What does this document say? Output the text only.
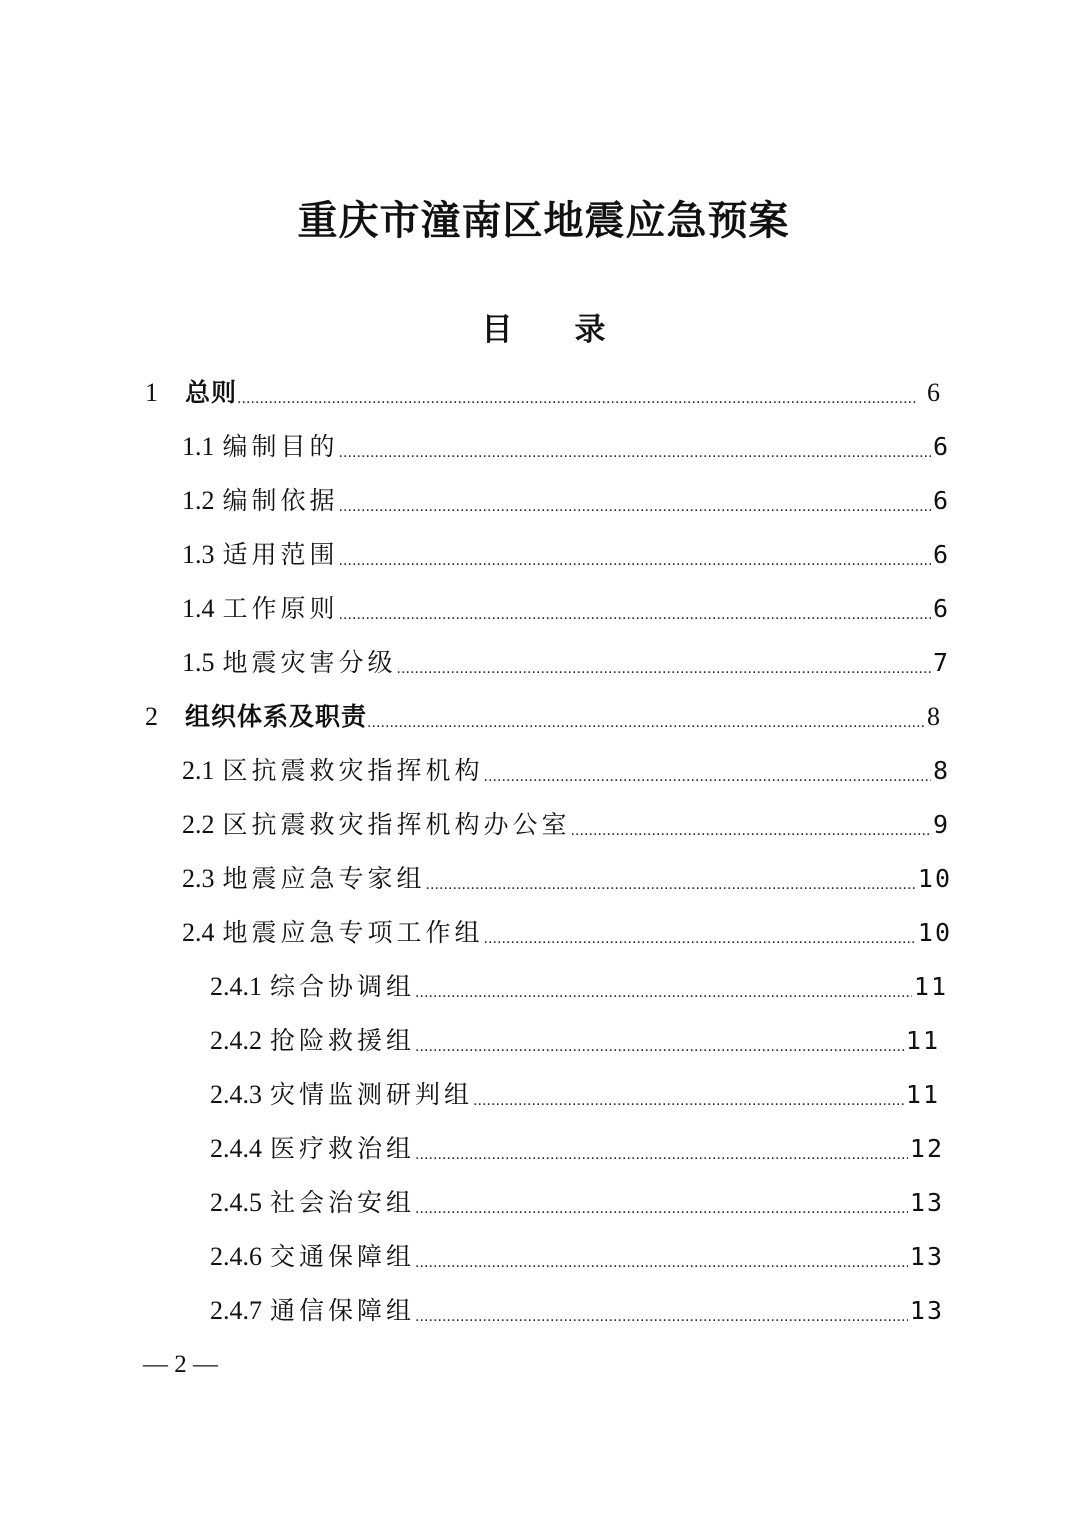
重庆市潼南区地震应急预案
目　　录
1	总则 . . .	6
1.1 编制目的 . . .	6
1.2 编制依据 . . .	6
1.3 适用范围 . . .	6
1.4 工作原则 . . .	6
1.5 地震灾害分级 . . .	7
2	组织体系及职责 . . .	8
2.1 区抗震救灾指挥机构 . . .	8
2.2 区抗震救灾指挥机构办公室 . . .	9
2.3 地震应急专家组 . . .	10
2.4 地震应急专项工作组 . . .	10
2.4.1 综合协调组 . . .	11
2.4.2 抢险救援组 . . .	11
2.4.3 灾情监测研判组 . . .	11
2.4.4 医疗救治组 . . .	12
2.4.5 社会治安组 . . .	13
2.4.6 交通保障组 . . .	13
2.4.7 通信保障组 . . .	13
— 2 —
